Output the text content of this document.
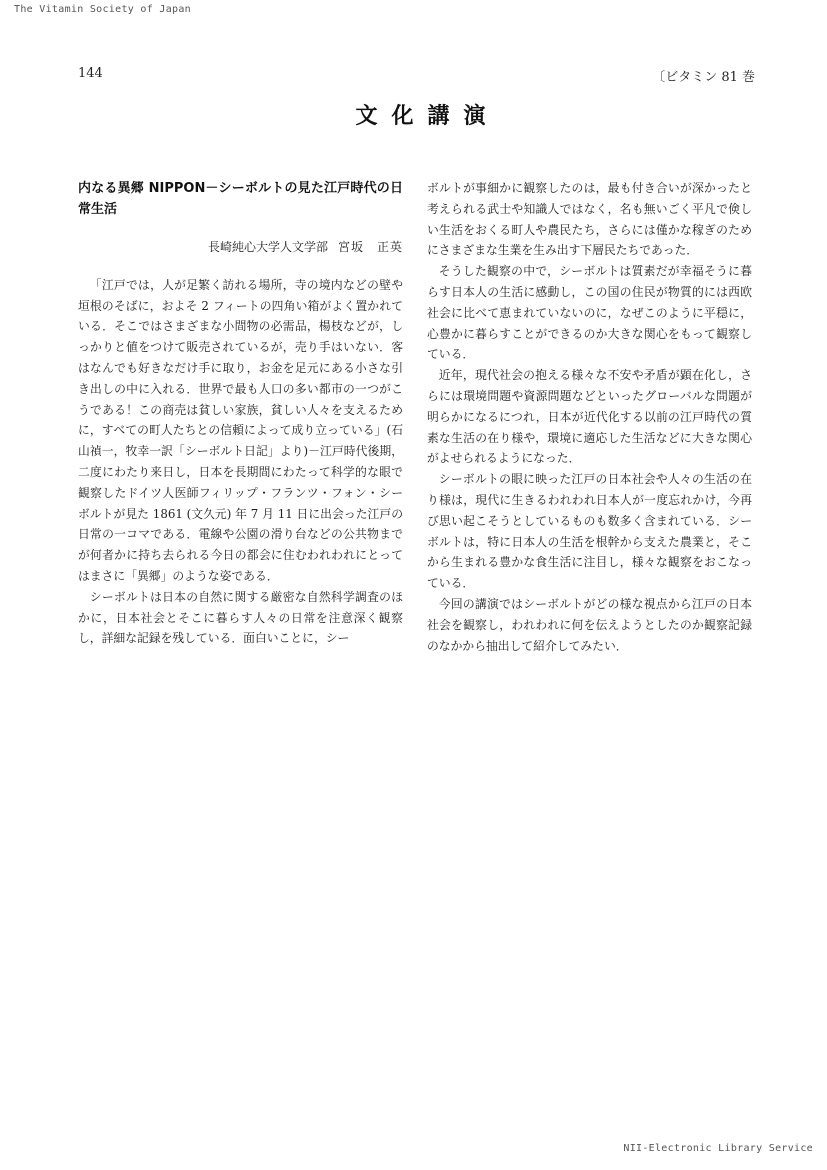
The Vitamin Society of Japan
144	〔ビタミン 81 巻
文化講演
内なる異郷 NIPPON－シーボルトの見た江戸時代の日常生活
長崎純心大学人文学部 宮坂　正英

「江戸では，人が足繁く訪れる場所，寺の境内などの壁や垣根のそばに，およそ 2 フィートの四角い箱がよく置かれている．そこではさまざまな小間物の必需品，楊枝などが，しっかりと値をつけて販売されているが，売り手はいない．客はなんでも好きなだけ手に取り，お金を足元にある小さな引き出しの中に入れる．世界で最も人口の多い都市の一つがこうである！この商売は貧しい家族，貧しい人々を支えるために，すべての町人たちとの信頼によって成り立っている」(石山禎一，牧幸一訳「シーボルト日記」より)－江戸時代後期，二度にわたり来日し，日本を長期間にわたって科学的な眼で観察したドイツ人医師フィリップ・フランツ・フォン・シーボルトが見た 1861 (文久元) 年 7 月 11 日に出会った江戸の日常の一コマである．電線や公園の滑り台などの公共物までが何者かに持ち去られる今日の都会に住むわれわれにとってはまさに「異郷」のような姿である．

シーボルトは日本の自然に関する厳密な自然科学調査のほかに，日本社会とそこに暮らす人々の日常を注意深く観察し，詳細な記録を残している．面白いことに，シー

ボルトが事細かに観察したのは，最も付き合いが深かったと考えられる武士や知識人ではなく，名も無いごく平凡で倹しい生活をおくる町人や農民たち，さらには僅かな稼ぎのためにさまざまな生業を生み出す下層民たちであった．

そうした観察の中で，シーボルトは質素だが幸福そうに暮らす日本人の生活に感動し，この国の住民が物質的には西欧社会に比べて恵まれていないのに，なぜこのように平穏に，心豊かに暮らすことができるのか大きな関心をもって観察している．

近年，現代社会の抱える様々な不安や矛盾が顕在化し，さらには環境問題や資源問題などといったグローバルな問題が明らかになるにつれ，日本が近代化する以前の江戸時代の質素な生活の在り様や，環境に適応した生活などに大きな関心がよせられるようになった．

シーボルトの眼に映った江戸の日本社会や人々の生活の在り様は，現代に生きるわれわれ日本人が一度忘れかけ，今再び思い起こそうとしているものも数多く含まれている．シーボルトは，特に日本人の生活を根幹から支えた農業と，そこから生まれる豊かな食生活に注目し，様々な観察をおこなっている．

今回の講演ではシーボルトがどの様な視点から江戸の日本社会を観察し，われわれに何を伝えようとしたのか観察記録のなかから抽出して紹介してみたい．

NII-Electronic Library Service
